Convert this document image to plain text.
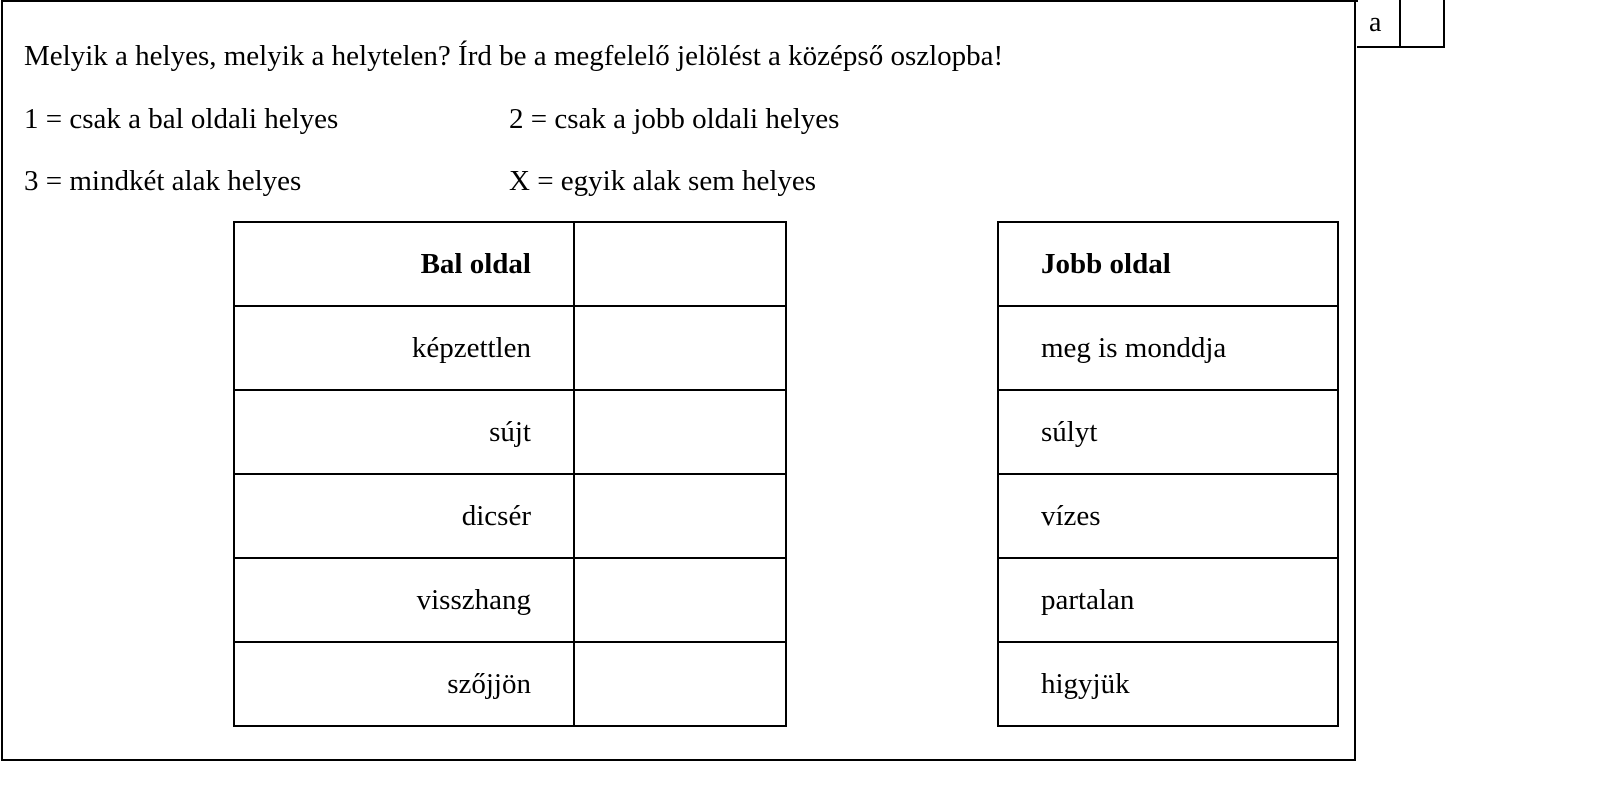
a
Melyik a helyes, melyik a helytelen? Írd be a megfelelő jelölést a középső oszlopba!
1 = csak a bal oldali helyes	2 = csak a jobb oldali helyes
3 = mindkét alak helyes	X = egyik alak sem helyes
Bal oldal			Jobb oldal
képzettlen			meg is monddja
sújt			súlyt
dicsér			vízes
visszhang			partalan
szőjjön			higyjük
